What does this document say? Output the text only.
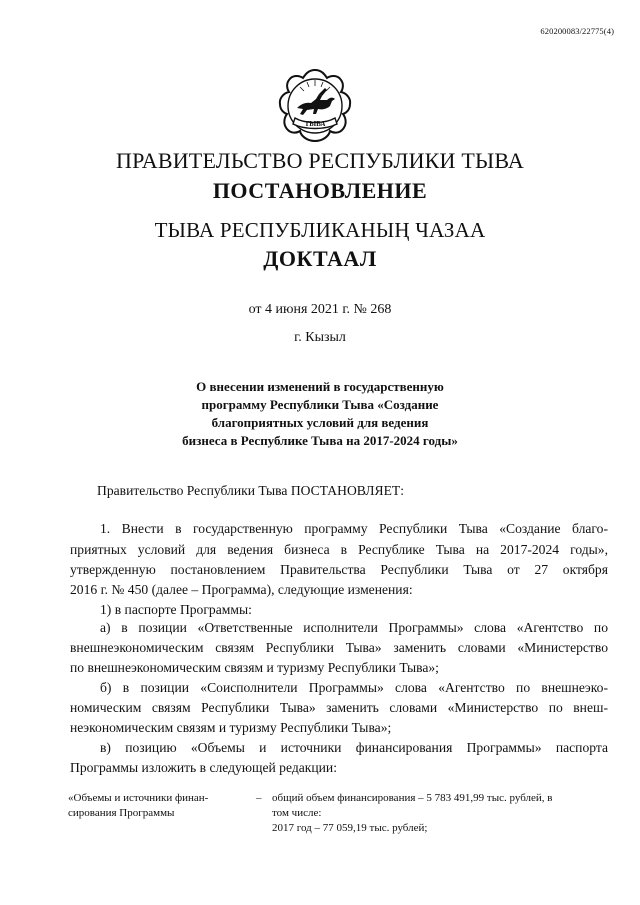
620200083/22775(4)
ТЫВА
ПРАВИТЕЛЬСТВО РЕСПУБЛИКИ ТЫВА
ПОСТАНОВЛЕНИЕ
ТЫВА РЕСПУБЛИКАНЫҢ ЧАЗАА
ДОКТААЛ
от 4 июня 2021 г. № 268
г. Кызыл
О внесении изменений в государственную
программу Республики Тыва «Создание
благоприятных условий для ведения
бизнеса в Республике Тыва на 2017-2024 годы»
Правительство Республики Тыва ПОСТАНОВЛЯЕТ:
1. Внести в государственную программу Республики Тыва «Создание благо-
приятных условий для ведения бизнеса в Республике Тыва на 2017-2024 годы»,
утвержденную постановлением Правительства Республики Тыва от 27 октября
2016 г. № 450 (далее – Программа), следующие изменения:
1) в паспорте Программы:
а) в позиции «Ответственные исполнители Программы» слова «Агентство по
внешнеэкономическим связям Республики Тыва» заменить словами «Министерство
по внешнеэкономическим связям и туризму Республики Тыва»;
б) в позиции «Соисполнители Программы» слова «Агентство по внешнеэко-
номическим связям Республики Тыва» заменить словами «Министерство по внеш-
неэкономическим связям и туризму Республики Тыва»;
в) позицию «Объемы и источники финансирования Программы» паспорта
Программы изложить в следующей редакции:
«Объемы и источники финан-
сирования Программы
– общий объем финансирования – 5 783 491,99 тыс. рублей, в
том числе:
2017 год – 77 059,19 тыс. рублей;
